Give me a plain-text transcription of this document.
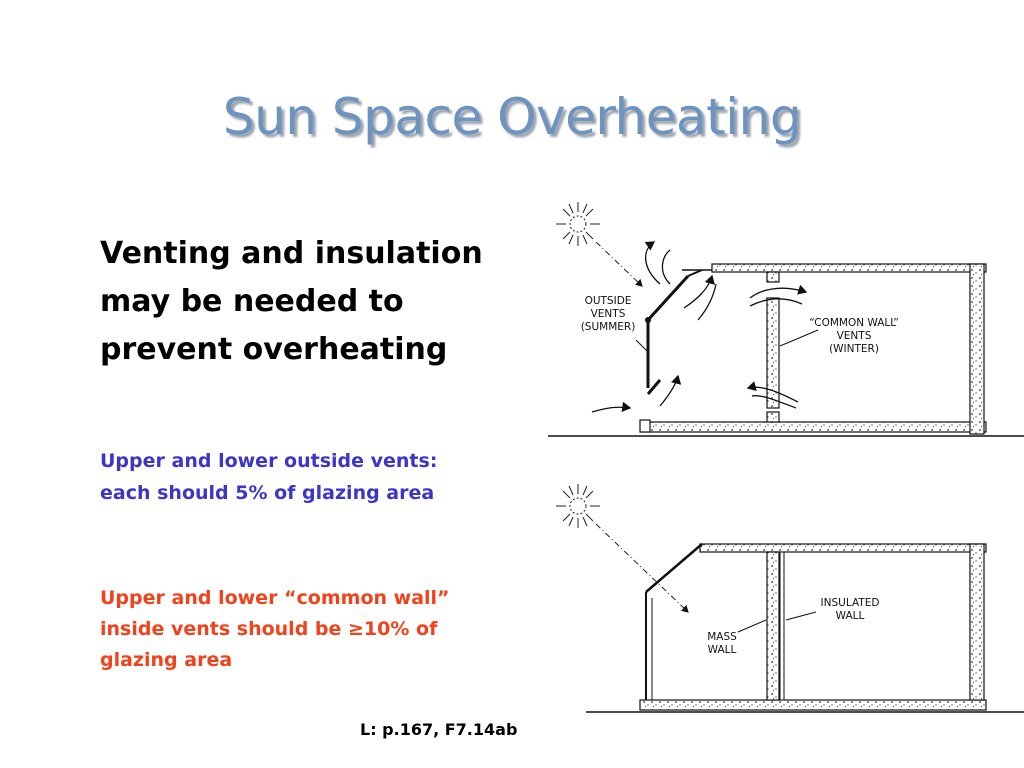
Sun Space Overheating
Venting and insulation may be needed to prevent overheating
Upper and lower outside vents: each should 5% of glazing area
Upper and lower “common wall” inside vents should be ≥10% of glazing area
L: p.167, F7.14ab
OUTSIDE
VENTS
(SUMMER)	“COMMON WALL”
VENTS
(WINTER)
INSULATED
WALL
MASS
WALL
